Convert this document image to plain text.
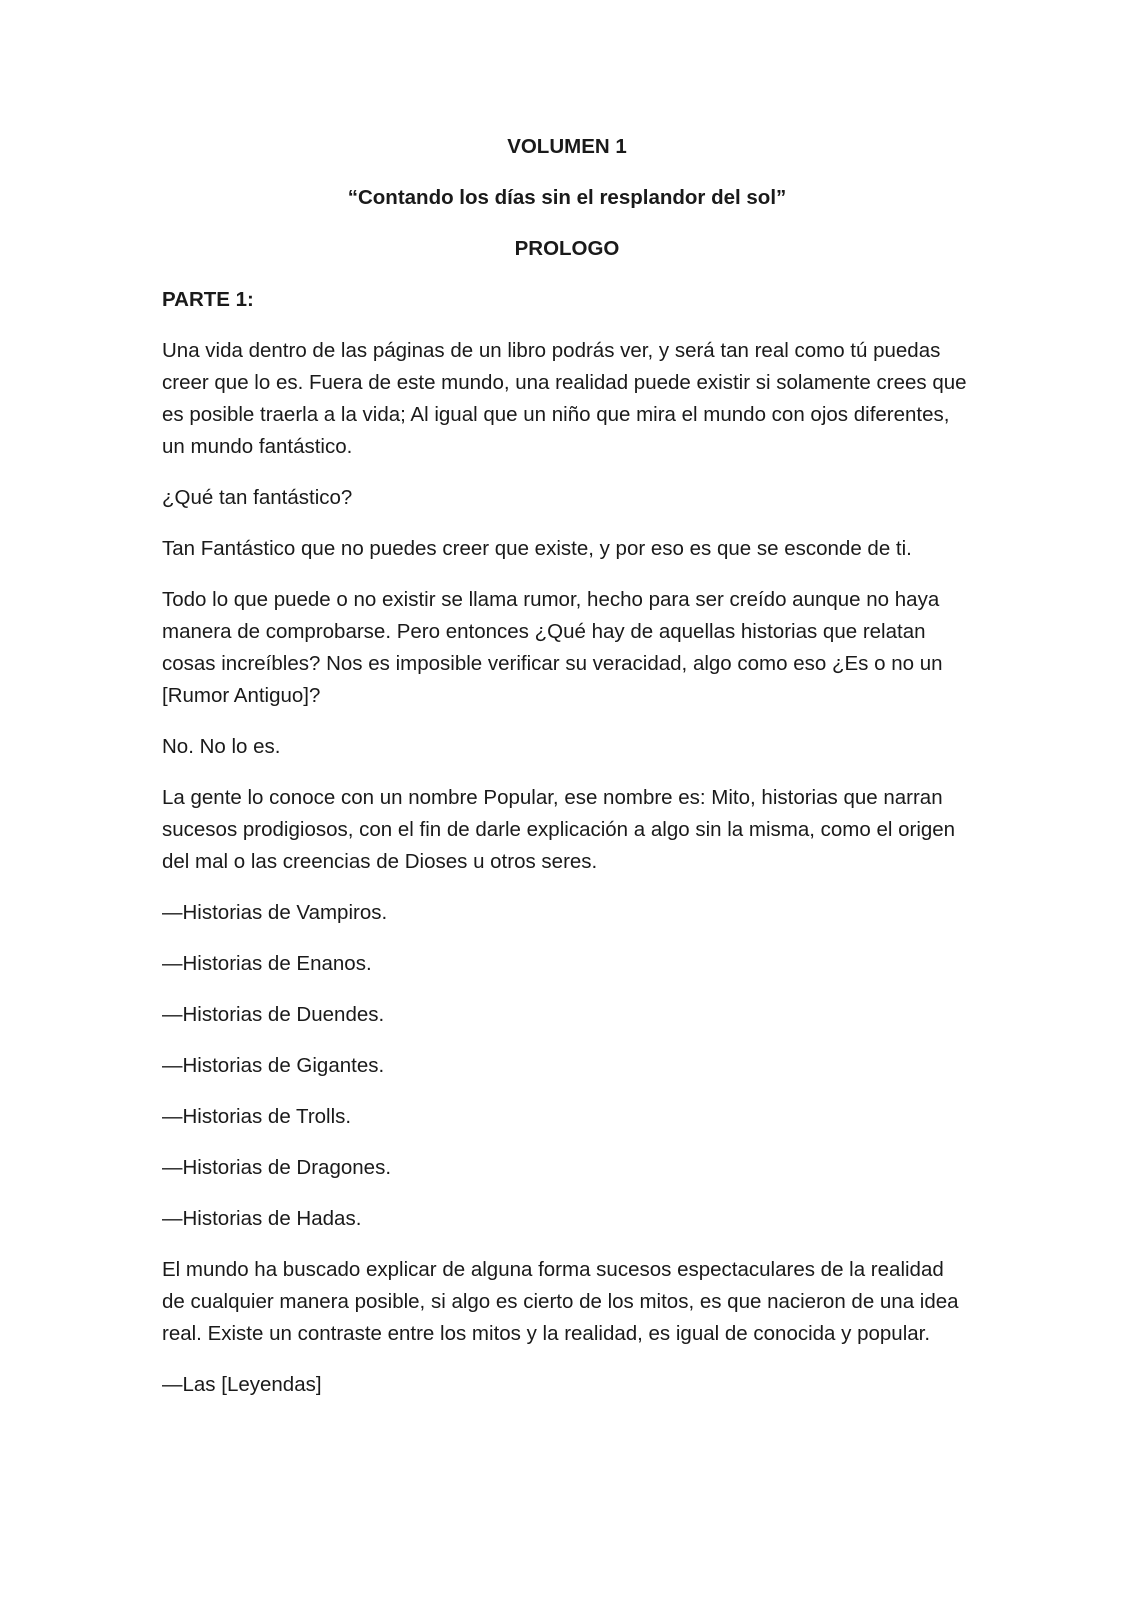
VOLUMEN 1
“Contando los días sin el resplandor del sol”
PROLOGO
PARTE 1:

Una vida dentro de las páginas de un libro podrás ver, y será tan real como tú puedas creer que lo es. Fuera de este mundo, una realidad puede existir si solamente crees que es posible traerla a la vida; Al igual que un niño que mira el mundo con ojos diferentes, un mundo fantástico.

¿Qué tan fantástico?

Tan Fantástico que no puedes creer que existe, y por eso es que se esconde de ti.

Todo lo que puede o no existir se llama rumor, hecho para ser creído aunque no haya manera de comprobarse. Pero entonces ¿Qué hay de aquellas historias que relatan cosas increíbles? Nos es imposible verificar su veracidad, algo como eso ¿Es o no un [Rumor Antiguo]?

No. No lo es.

La gente lo conoce con un nombre Popular, ese nombre es: Mito, historias que narran sucesos prodigiosos, con el fin de darle explicación a algo sin la misma, como el origen del mal o las creencias de Dioses u otros seres.

—Historias de Vampiros.

—Historias de Enanos.

—Historias de Duendes.

—Historias de Gigantes.

—Historias de Trolls.

—Historias de Dragones.

—Historias de Hadas.

El mundo ha buscado explicar de alguna forma sucesos espectaculares de la realidad de cualquier manera posible, si algo es cierto de los mitos, es que nacieron de una idea real. Existe un contraste entre los mitos y la realidad, es igual de conocida y popular.

—Las [Leyendas]
